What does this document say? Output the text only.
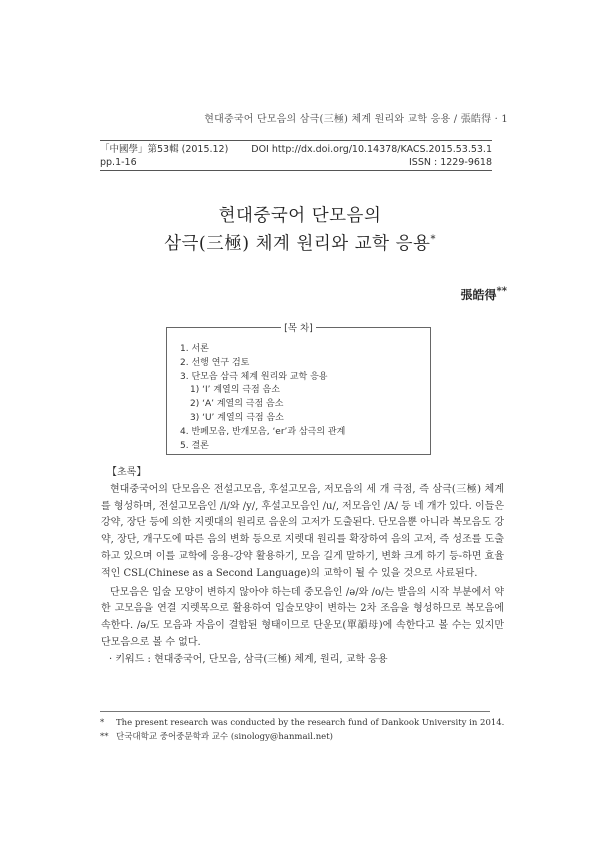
현대중국어 단모음의 삼극(三極) 체계 원리와 교학 응용 / 張皓得 · 1
「中國學」第53輯 (2015.12) DOI http://dx.doi.org/10.14378/KACS.2015.53.53.1
pp.1-16	ISSN : 1229-9618
현대중국어 단모음의
삼극(三極) 체계 원리와 교학 응용*
張皓得**
[목 차]
1. 서론
2. 선행 연구 검토
3. 단모음 삼극 체계 원리와 교학 응용
1) ‘I’ 계열의 극점 음소
2) ‘A’ 계열의 극점 음소
3) ‘U’ 계열의 극점 음소
4. 반폐모음, 반개모음, ‘er’과 삼극의 관계
5. 결론
【초록】

현대중국어의 단모음은 전설고모음, 후설고모음, 저모음의 세 개 극점, 즉 삼극(三極) 체계를 형성하며, 전설고모음인 /i/와 /y/, 후설고모음인 /u/, 저모음인 /A/ 등 네 개가 있다. 이들은 강약, 장단 등에 의한 지렛대의 원리로 음운의 고저가 도출된다. 단모음뿐 아니라 복모음도 강약, 장단, 개구도에 따른 음의 변화 등으로 지렛대 원리를 확장하여 음의 고저, 즉 성조를 도출하고 있으며 이를 교학에 응용-강약 활용하기, 모음 길게 말하기, 변화 크게 하기 등-하면 효율적인 CSL(Chinese as a Second Language)의 교학이 될 수 있을 것으로 사료된다.

단모음은 입술 모양이 변하지 않아야 하는데 중모음인 /ə/와 /o/는 발음의 시작 부분에서 약한 고모음을 연결 지렛목으로 활용하여 입술모양이 변하는 2차 조음을 형성하므로 복모음에 속한다. /ə/도 모음과 자음이 결합된 형태이므로 단운모(單韻母)에 속한다고 볼 수는 있지만 단모음으로 볼 수 없다.

· 키워드 : 현대중국어, 단모음, 삼극(三極) 체계, 원리, 교학 응용

* The present research was conducted by the research fund of Dankook University in 2014.
** 단국대학교 중어중문학과 교수 (sinology@hanmail.net)
